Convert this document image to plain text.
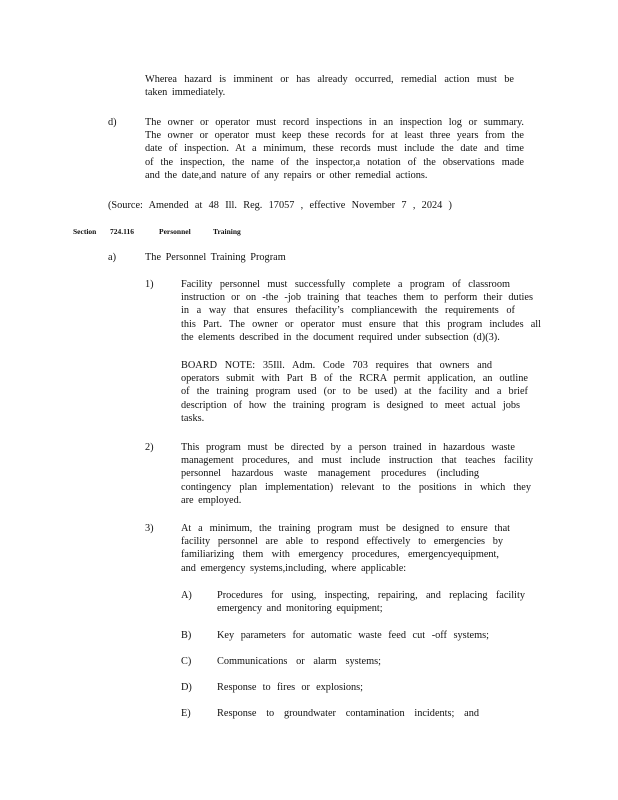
Wherea hazard is imminent or has already occurred, remedial action must be
taken immediately.
d)	The owner or operator must record inspections in an inspection log or summary.
The owner or operator must keep these records for at least three years from the
date of inspection. At a minimum, these records must include the date and time
of the inspection, the name of the inspector,a notation of the observations made
and the date,and nature of any repairs or other remedial actions.
(Source: Amended at 48 Ill. Reg. 17057 , effective November 7 , 2024 )
Section 724.116	Personnel	Training
a)	The Personnel Training Program
1)	Facility personnel must successfully complete a program of classroom
instruction or on -the -job training that teaches them to perform their duties
in a way that ensures thefacility’s compliancewith the requirements of
this Part. The owner or operator must ensure that this program includes all
the elements described in the document required under subsection (d)(3).
BOARD NOTE: 35Ill. Adm. Code 703 requires that owners and
operators submit with Part B of the RCRA permit application, an outline
of the training program used (or to be used) at the facility and a brief
description of how the training program is designed to meet actual jobs
tasks.
2)	This program must be directed by a person trained in hazardous waste
management procedures, and must include instruction that teaches facility
personnel hazardous waste management procedures (including
contingency plan implementation) relevant to the positions in which they
are employed.
3)	At a minimum, the training program must be designed to ensure that
facility personnel are able to respond effectively to emergencies by
familiarizing them with emergency procedures, emergencyequipment,
and emergency systems,including, where applicable:
A) Procedures for using, inspecting, repairing, and replacing facility
emergency and monitoring equipment;
B) Key parameters for automatic waste feed cut -off systems;
C) Communications or alarm systems;
D) Response to fires or explosions;
E)	Response to groundwater contamination incidents; and
